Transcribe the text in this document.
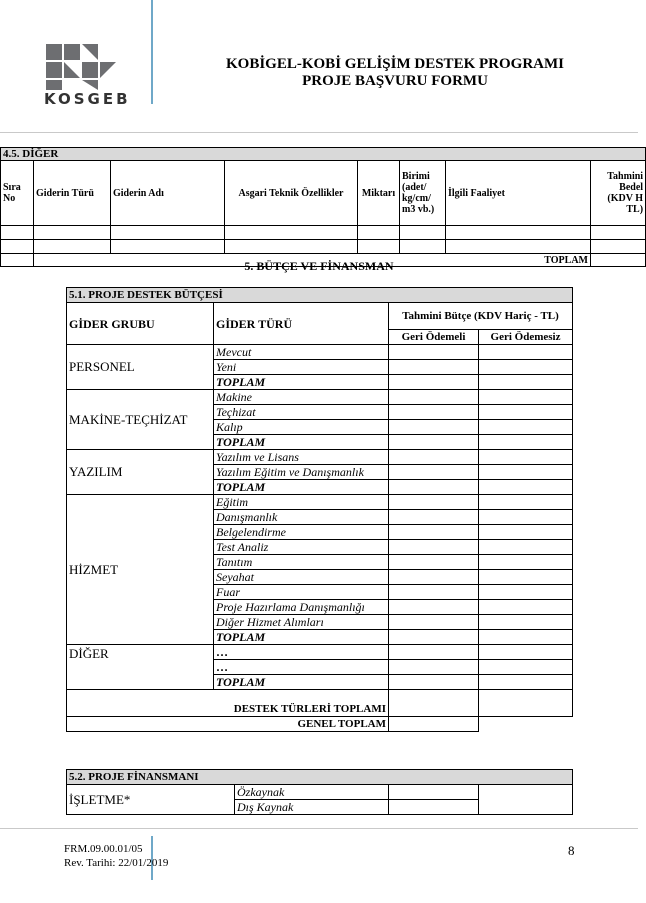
KOSGEB
KOBİGEL-KOBİ GELİŞİM DESTEK PROGRAMI
PROJE BAŞVURU FORMU
4.5. DİĞER							
Sıra No	Giderin Türü	Giderin Adı	Asgari Teknik Özellikler	Miktarı	Birimi (adet/ kg/cm/ m3 vb.)	İlgili Faaliyet	Tahmini Bedel (KDV H TL)

	TOPLAM						
5. BÜTÇE VE FİNANSMAN
5.1. PROJE DESTEK BÜTÇESİ			
GİDER GRUBU	GİDER TÜRÜ	Tahmini Bütçe (KDV Hariç - TL)	
		Geri Ödemeli	Geri Ödemesiz
PERSONEL	Mevcut		
	Yeni		
	TOPLAM		
MAKİNE-TEÇHİZAT	Makine		
	Teçhizat		
	Kalıp		
	TOPLAM		
YAZILIM	Yazılım ve Lisans		
	Yazılım Eğitim ve Danışmanlık		
	TOPLAM		
HİZMET	Eğitim		
	Danışmanlık		
	Belgelendirme		
	Test Analiz		
	Tanıtım		
	Seyahat		
	Fuar		
	Proje Hazırlama Danışmanlığı		
	Diğer Hizmet Alımları		
	TOPLAM		
DİĞER	…		
	…		
	TOPLAM		
DESTEK TÜRLERİ TOPLAMI			
GENEL TOPLAM			
5.2. PROJE FİNANSMANI			
İŞLETME*	Özkaynak		
	Dış Kaynak		
FRM.09.00.01/05
Rev. Tarihi: 22/01/2019
8
